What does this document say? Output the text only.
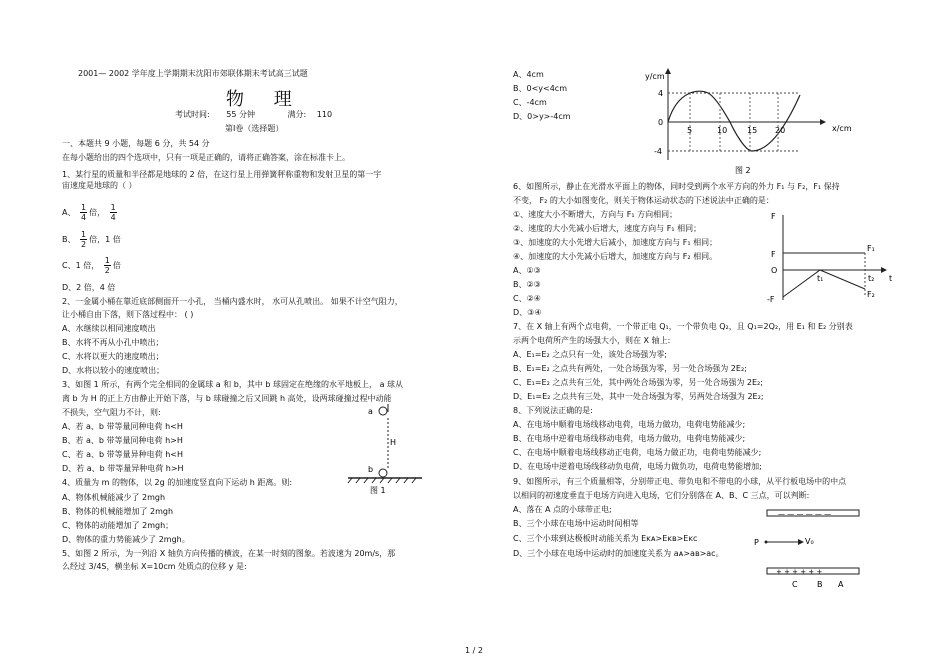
2001— 2002 学年度上学期期末沈阳市郊联体期末考试高三试题
物 理
考试时间: 55 分钟	满分: 110
第Ⅰ卷（选择题）
一、本题共 9 小题，每题 6 分，共 54 分
在每小题给出的四个选项中，只有一项是正确的，请将正确答案，涂在标准卡上。
1、某行星的质量和半径都是地球的 2 倍，在这行星上用弹簧秤称重物和发射卫星的第一宇
宙速度是地球的（ ）
A、 $\frac{1}{4}$ 倍， $\frac{1}{4}$
B、 $\frac{1}{2}$ 倍，1 倍
C、1 倍， $\frac{1}{2}$ 倍
D、2 倍，4 倍
2、一金属小桶在靠近底部侧面开一小孔， 当桶内盛水时， 水可从孔喷出。 如果不计空气阻力，
让小桶自由下落，则下落过程中： ( )
A、水继续以相同速度喷出
B、水将不再从小孔中喷出；
C、水将以更大的速度喷出；
D、水将以较小的速度喷出；
3、如图 1 所示，有两个完全相同的金属球 a 和 b，其中 b 球固定在绝缘的水平地板上， a 球从
离 b 为 H 的正上方由静止开始下落，与 b 球碰撞之后又回跳 h 高处，设两球碰撞过程中动能
不损失，空气阻力不计，则:
A、若 a、b 带等量同种电荷 h<H
B、若 a、b 带等量同种电荷 h>H
C、若 a、b 带等量异种电荷 h<H
D、若 a、b 带等量异种电荷 h>H
4、质量为 m 的物体，以 2g 的加速度竖直向下运动 h 距离。则:
A、物体机械能减少了 2mgh
B、物体的机械能增加了 2mgh
C、物体的动能增加了 2mgh；
D、物体的重力势能减少了 2mgh。
5、如图 2 所示，为一列沿 X 轴负方向传播的横波，在某一时刻的图象。若波速为 20m/s，那
么经过 3/4S，横坐标 X=10cm 处质点的位移 y 是:
a
b
H
图 1
A、4cm
B、0<y<4cm
C、-4cm
D、0>y>-4cm
y/cm
x/cm
4
0
-4
5	10 15 20
图 2
6、如图所示，静止在光滑水平面上的物体，同时受到两个水平方向的外力 F₁ 与 F₂，F₁ 保持
不变， F₂ 的大小如图变化，则关于物体运动状态的下述说法中正确的是：
①、速度大小不断增大，方向与 F₁ 方向相同；
②、速度的大小先减小后增大，速度方向与 F₁ 相同；
③、加速度的大小先增大后减小，加速度方向与 F₁ 相同；
④、加速度的大小先减小后增大，加速度方向与 F₂ 相同。
A、①③
B、②③
C、②④
D、③④
F
F
O
-F
F₁
F₂
t₁	t₂ t
7、在 X 轴上有两个点电荷，一个带正电 Q₁，一个带负电 Q₂，且 Q₁=2Q₂，用 E₁ 和 E₂ 分别表
示两个电荷所产生的场强大小，则在 X 轴上:
A、E₁=E₂ 之点只有一处，该处合场强为零;
B、E₁=E₂ 之点共有两处，一处合场强为零，另一处合场强为 2E₂;
C、E₁=E₂ 之点共有三处，其中两处合场强为零，另一处合场强为 2E₂;
D、E₁=E₂ 之点共有三处，其中一处合场强为零，另两处合场强为 2E₂;
8、下列说法正确的是:
A、在电场中顺着电场线移动电荷，电场力做功，电荷电势能减少;
B、在电场中逆着电场线移动电荷，电场力做功，电荷电势能减少;
C、在电场中顺着电场线移动正电荷，电场力做正功，电荷电势能减少;
D、在电场中逆着电场线移动负电荷，电场力做负功，电荷电势能增加;
9、如图所示，有三个质量相等，分别带正电、带负电和不带电的小球，从平行板电场中的中点
以相同的初速度垂直于电场方向进入电场，它们分别落在 A、B、C 三点，可以判断:
A、落在 A 点的小球带正电;
B、三个小球在电场中运动时间相等
C、三个小球到达极板时动能关系为 Eᴋᴀ>Eᴋʙ>Eᴋᴄ
D、三个小球在电场中运动时的加速度关系为 aᴀ>aʙ>aᴄ。
— — — — — —
P	V₀
+ + + + + +
C B A
1 / 2
